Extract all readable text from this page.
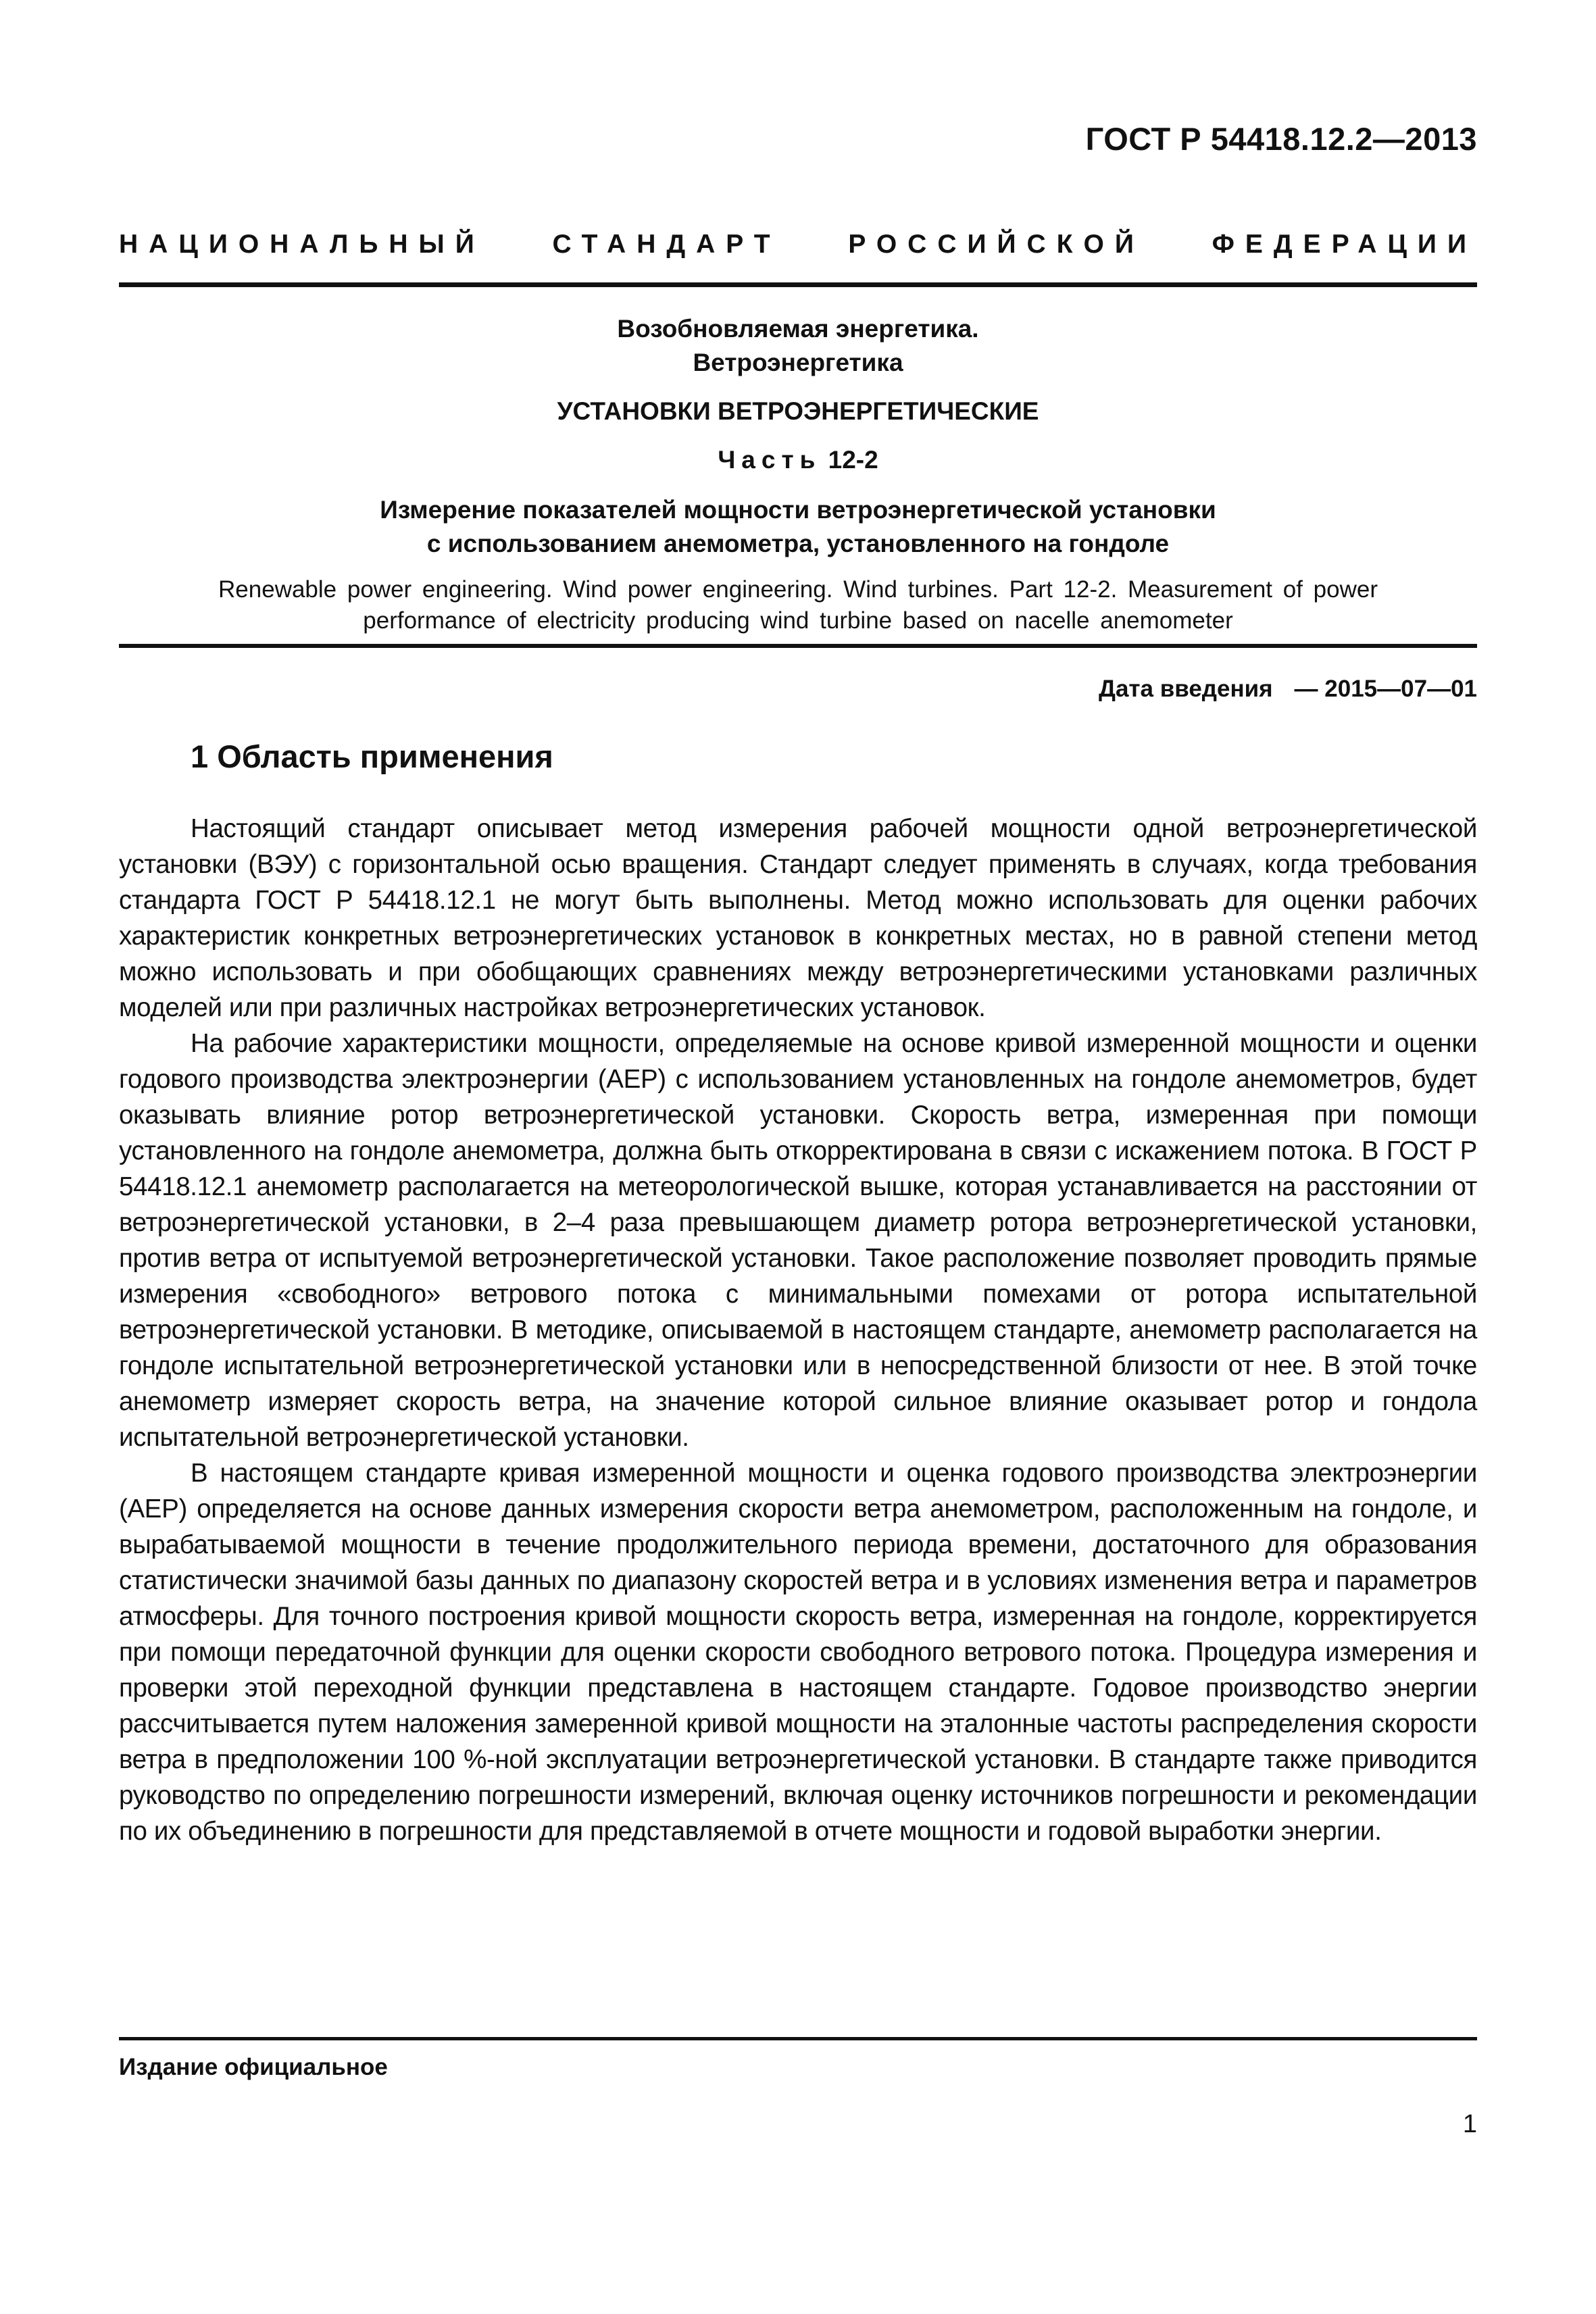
ГОСТ Р 54418.12.2—2013
НАЦИОНАЛЬНЫЙ СТАНДАРТ РОССИЙСКОЙ ФЕДЕРАЦИИ

Возобновляемая энергетика.

Ветроэнергетика

УСТАНОВКИ ВЕТРОЭНЕРГЕТИЧЕСКИЕ
Часть 12-2
Измерение показателей мощности ветроэнергетической установки
с использованием анемометра, установленного на гондоле
Renewable power engineering. Wind power engineering. Wind turbines. Part 12-2. Measurement of power
performance of electricity producing wind turbine based on nacelle anemometer
Дата введения — 2015—07—01
1 Область применения

Настоящий стандарт описывает метод измерения рабочей мощности одной ветроэнергетической установки (ВЭУ) с горизонтальной осью вращения. Стандарт следует применять в случаях, когда требования стандарта ГОСТ Р 54418.12.1 не могут быть выполнены. Метод можно использовать для оценки рабочих характеристик конкретных ветроэнергетических установок в конкретных местах, но в равной степени метод можно использовать и при обобщающих сравнениях между ветроэнергетическими установками различных моделей или при различных настройках ветроэнергетических установок.

На рабочие характеристики мощности, определяемые на основе кривой измеренной мощности и оценки годового производства электроэнергии (AEP) с использованием установленных на гондоле анемометров, будет оказывать влияние ротор ветроэнергетической установки. Скорость ветра, измеренная при помощи установленного на гондоле анемометра, должна быть откорректирована в связи с искажением потока. В ГОСТ Р 54418.12.1 анемометр располагается на метеорологической вышке, которая устанавливается на расстоянии от ветроэнергетической установки, в 2–4 раза превышающем диаметр ротора ветроэнергетической установки, против ветра от испытуемой ветроэнергетической установки. Такое расположение позволяет проводить прямые измерения «свободного» ветрового потока с минимальными помехами от ротора испытательной ветроэнергетической установки. В методике, описываемой в настоящем стандарте, анемометр располагается на гондоле испытательной ветроэнергетической установки или в непосредственной близости от нее. В этой точке анемометр измеряет скорость ветра, на значение которой сильное влияние оказывает ротор и гондола испытательной ветроэнергетической установки.

В настоящем стандарте кривая измеренной мощности и оценка годового производства электроэнергии (AEP) определяется на основе данных измерения скорости ветра анемометром, расположенным на гондоле, и вырабатываемой мощности в течение продолжительного периода времени, достаточного для образования статистически значимой базы данных по диапазону скоростей ветра и в условиях изменения ветра и параметров атмосферы. Для точного построения кривой мощности скорость ветра, измеренная на гондоле, корректируется при помощи передаточной функции для оценки скорости свободного ветрового потока. Процедура измерения и проверки этой переходной функции представлена в настоящем стандарте. Годовое производство энергии рассчитывается путем наложения замеренной кривой мощности на эталонные частоты распределения скорости ветра в предположении 100 %-ной эксплуатации ветроэнергетической установки. В стандарте также приводится руководство по определению погрешности измерений, включая оценку источников погрешности и рекомендации по их объединению в погрешности для представляемой в отчете мощности и годовой выработки энергии.

Издание официальное
1
